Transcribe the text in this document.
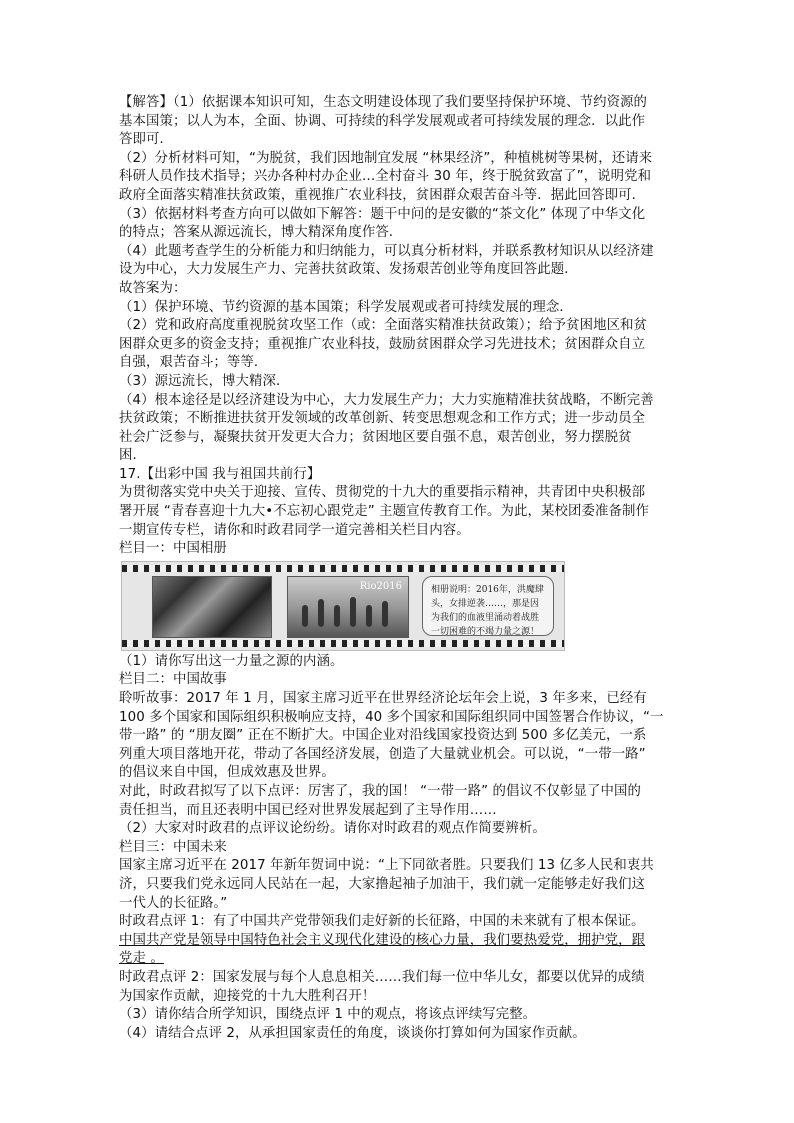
【解答】（1）依据课本知识可知，生态文明建设体现了我们要坚持保护环境、节约资源的
基本国策；以人为本，全面、协调、可持续的科学发展观或者可持续发展的理念．以此作
答即可．
（2）分析材料可知，“为脱贫，我们因地制宜发展 “林果经济”，种植桃树等果树，还请来
科研人员作技术指导；兴办各种村办企业…全村奋斗 30 年，终于脱贫致富了”，说明党和
政府全面落实精准扶贫政策，重视推广农业科技，贫困群众艰苦奋斗等．据此回答即可．
（3）依据材料考查方向可以做如下解答：题干中问的是安徽的“茶文化” 体现了中华文化
的特点；答案从源远流长，博大精深角度作答．
（4）此题考查学生的分析能力和归纳能力，可以真分析材料，并联系教材知识从以经济建
设为中心，大力发展生产力、完善扶贫政策、发扬艰苦创业等角度回答此题．
故答案为：
（1）保护环境、节约资源的基本国策；科学发展观或者可持续发展的理念．
（2）党和政府高度重视脱贫攻坚工作（或：全面落实精准扶贫政策）；给予贫困地区和贫
困群众更多的资金支持；重视推广农业科技，鼓励贫困群众学习先进技术；贫困群众自立
自强，艰苦奋斗；等等．
（3）源远流长，博大精深．
（4）根本途径是以经济建设为中心，大力发展生产力；大力实施精准扶贫战略，不断完善
扶贫政策；不断推进扶贫开发领域的改革创新、转变思想观念和工作方式；进一步动员全
社会广泛参与，凝聚扶贫开发更大合力；贫困地区要自强不息，艰苦创业，努力摆脱贫
困．
17.【出彩中国 我与祖国共前行】
为贯彻落实党中央关于迎接、宣传、贯彻党的十九大的重要指示精神，共青团中央积极部
署开展 “青春喜迎十九大•不忘初心跟党走” 主题宣传教育工作。为此，某校团委准备制作
一期宣传专栏，请你和时政君同学一道完善相关栏目内容。
栏目一：中国相册
Rio2016	相册说明：2016年，洪魔肆
头，女排逆袭……，那是因
为我们的血液里涌动着战胜
一切困难的不竭力量之源！
（1）请你写出这一力量之源的内涵。
栏目二：中国故事
聆听故事：2017 年 1 月，国家主席习近平在世界经济论坛年会上说，3 年多来，已经有
100 多个国家和国际组织积极响应支持，40 多个国家和国际组织同中国签署合作协议，“一
带一路” 的 “朋友圈” 正在不断扩大。中国企业对沿线国家投资达到 500 多亿美元，一系
列重大项目落地开花，带动了各国经济发展，创造了大量就业机会。可以说，“一带一路”
的倡议来自中国，但成效惠及世界。
对此，时政君拟写了以下点评：厉害了，我的国！ “一带一路” 的倡议不仅彰显了中国的
责任担当，而且还表明中国已经对世界发展起到了主导作用……
（2）大家对时政君的点评议论纷纷。请你对时政君的观点作简要辨析。
栏目三：中国未来
国家主席习近平在 2017 年新年贺词中说：“上下同欲者胜。只要我们 13 亿多人民和衷共
济，只要我们党永远同人民站在一起，大家撸起袖子加油干，我们就一定能够走好我们这
一代人的长征路。”
时政君点评 1：有了中国共产党带领我们走好新的长征路，中国的未来就有了根本保证。
中国共产党是领导中国特色社会主义现代化建设的核心力量，我们要热爱党，拥护党，跟
党走 。
时政君点评 2：国家发展与每个人息息相关……我们每一位中华儿女，都要以优异的成绩
为国家作贡献，迎接党的十九大胜利召开！
（3）请你结合所学知识，围绕点评 1 中的观点，将该点评续写完整。
（4）请结合点评 2，从承担国家责任的角度，谈谈你打算如何为国家作贡献。
